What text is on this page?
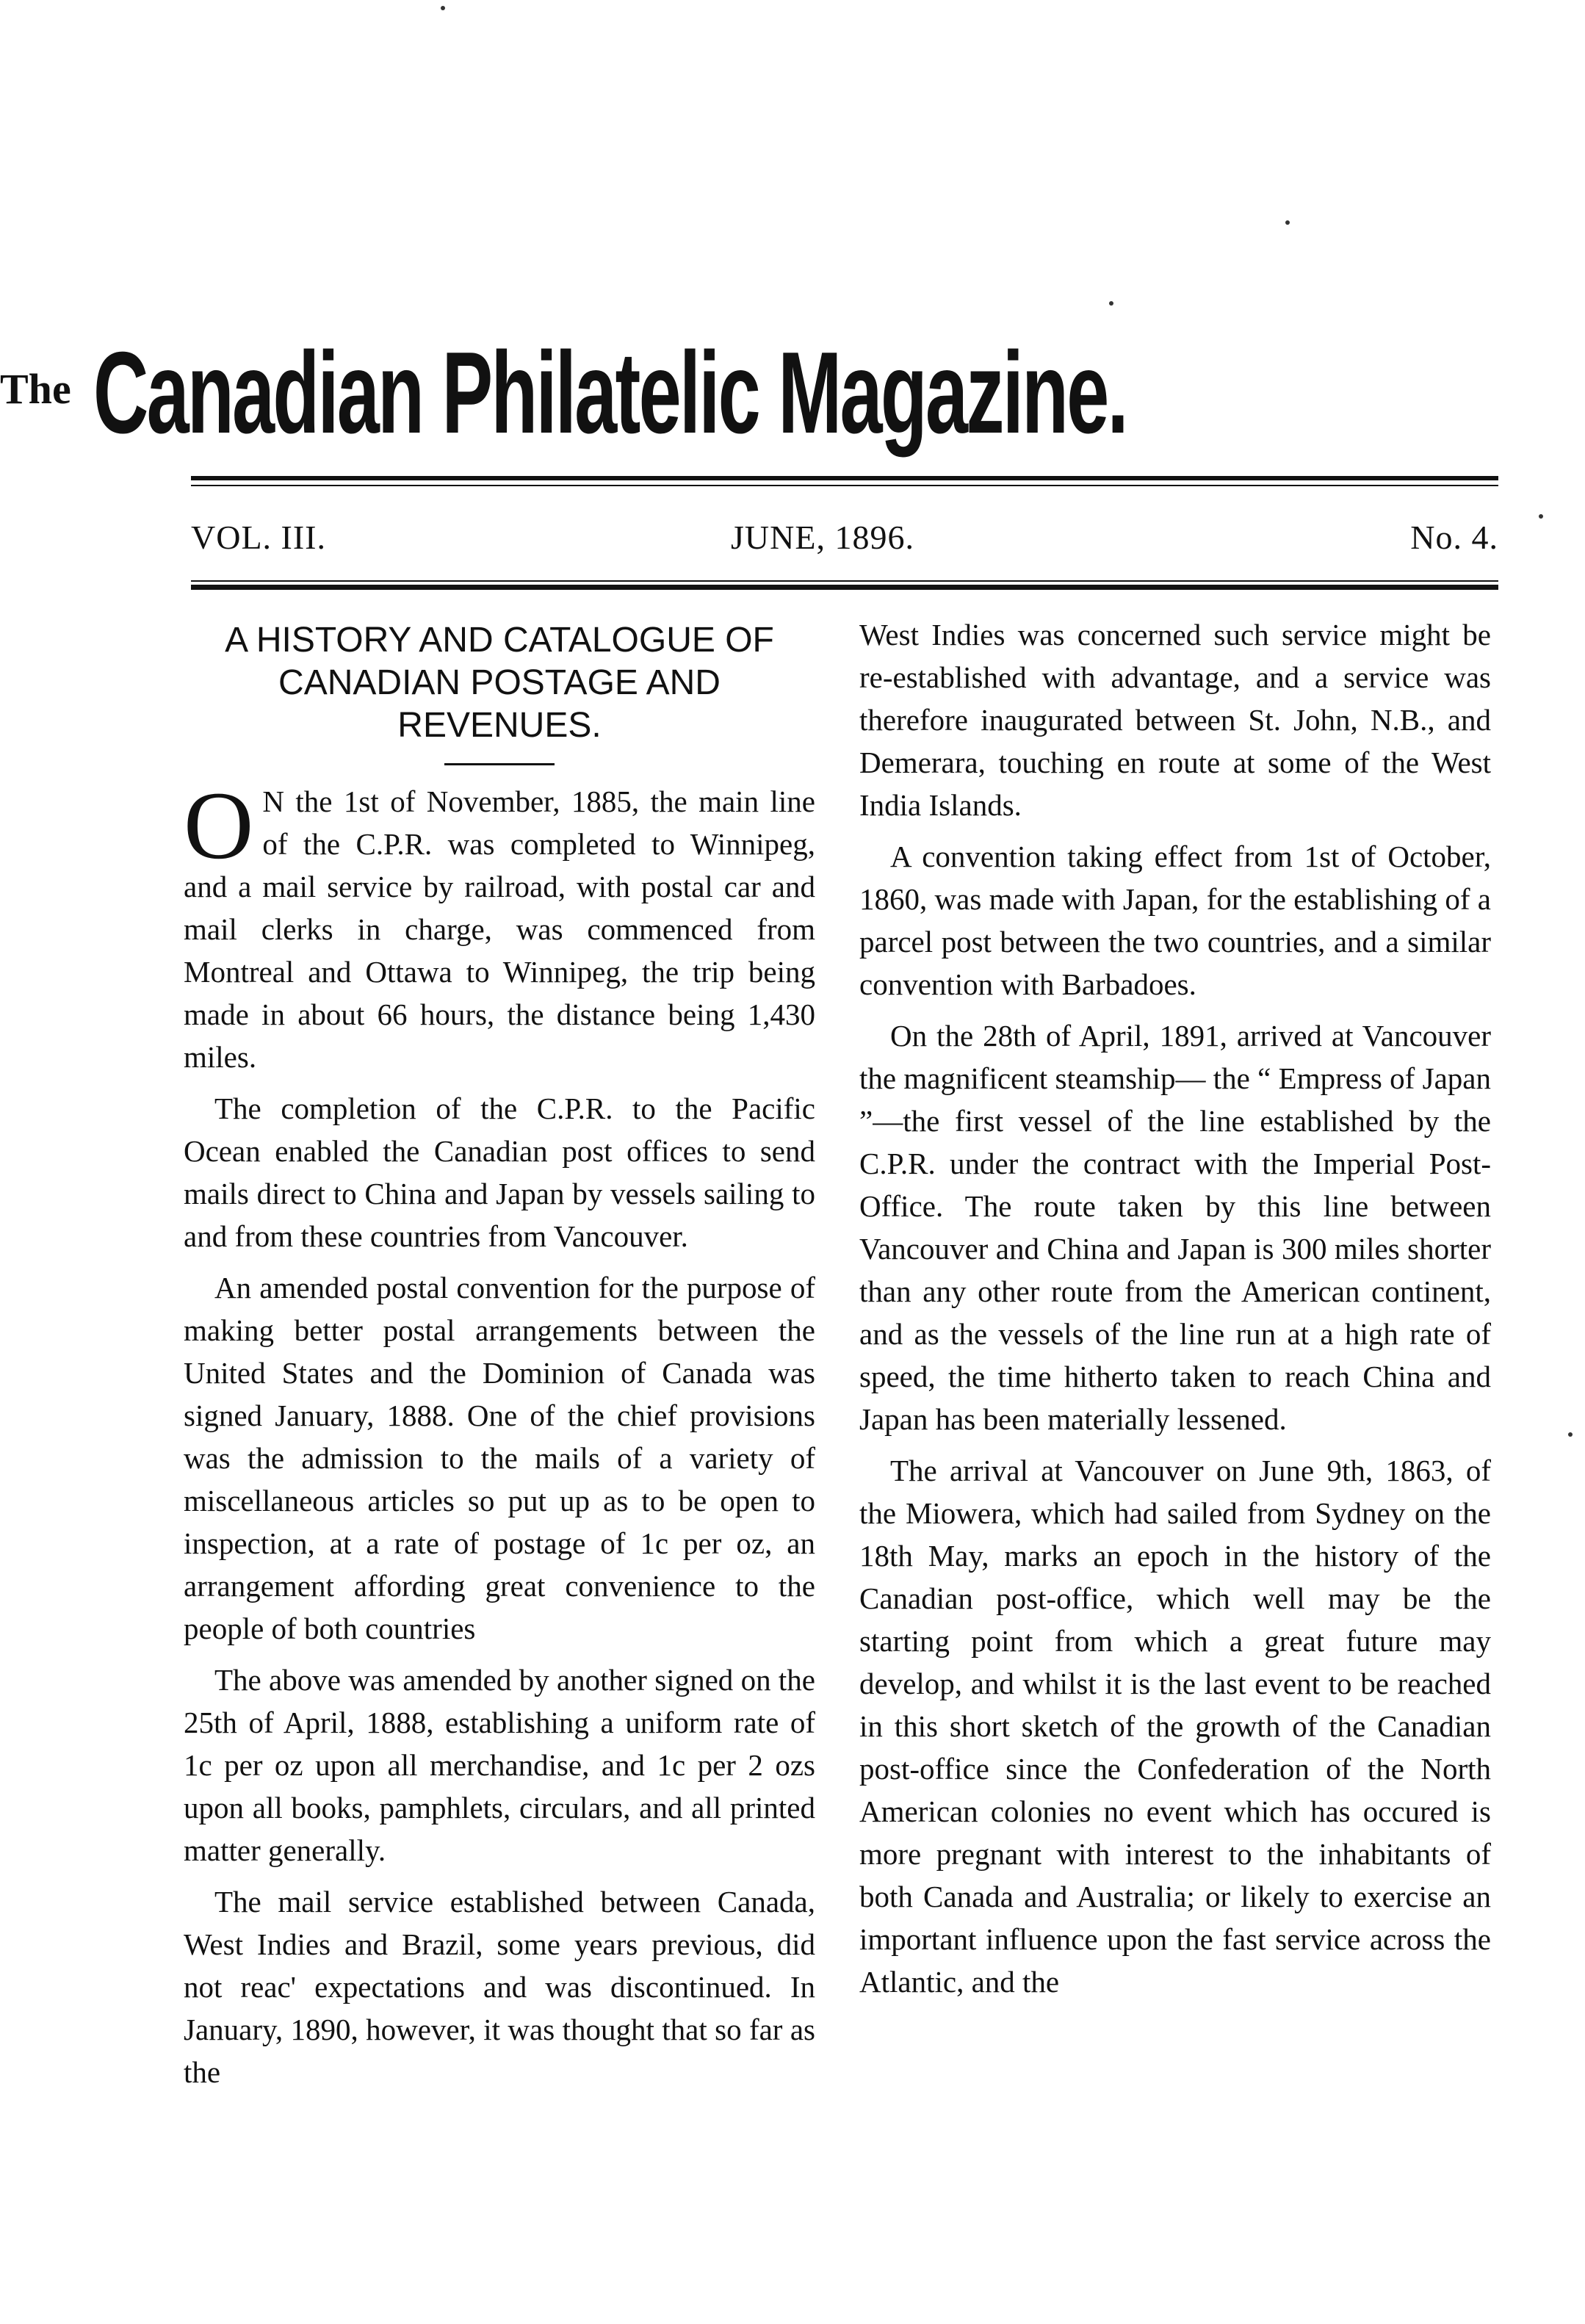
The Canadian Philatelic Magazine.
VOL. III.	JUNE, 1896.	No. 4.
A HISTORY AND CATALOGUE OF CANADIAN POSTAGE AND REVENUES.

O N the 1st of November, 1885, the main line of the C.P.R. was completed to Winnipeg, and a mail service by railroad, with postal car and mail clerks in charge, was commenced from Montreal and Ottawa to Winnipeg, the trip being made in about 66 hours, the distance being 1,430 miles.

The completion of the C.P.R. to the Pacific Ocean enabled the Canadian post offices to send mails direct to China and Japan by vessels sailing to and from these countries from Vancouver.

An amended postal convention for the purpose of making better postal arrangements between the United States and the Dominion of Canada was signed January, 1888. One of the chief provisions was the admission to the mails of a variety of miscellaneous articles so put up as to be open to inspection, at a rate of postage of 1c per oz, an arrangement affording great convenience to the people of both countries

The above was amended by another signed on the 25th of April, 1888, establishing a uniform rate of 1c per oz upon all merchandise, and 1c per 2 ozs upon all books, pamphlets, circulars, and all printed matter generally.

The mail service established between Canada, West Indies and Brazil, some years previous, did not reac' expectations and was discontinued. In January, 1890, however, it was thought that so far as the

West Indies was concerned such service might be re-established with advantage, and a service was therefore inaugurated between St. John, N.B., and Demerara, touching en route at some of the West India Islands.

A convention taking effect from 1st of October, 1860, was made with Japan, for the establishing of a parcel post between the two countries, and a similar convention with Barbadoes.

On the 28th of April, 1891, arrived at Vancouver the magnificent steamship— the “ Empress of Japan ”—the first vessel of the line established by the C.P.R. under the contract with the Imperial Post-Office. The route taken by this line between Vancouver and China and Japan is 300 miles shorter than any other route from the American continent, and as the vessels of the line run at a high rate of speed, the time hitherto taken to reach China and Japan has been materially lessened.

The arrival at Vancouver on June 9th, 1863, of the Miowera, which had sailed from Sydney on the 18th May, marks an epoch in the history of the Canadian post-office, which well may be the starting point from which a great future may develop, and whilst it is the last event to be reached in this short sketch of the growth of the Canadian post-office since the Confederation of the North American colonies no event which has occured is more pregnant with interest to the inhabitants of both Canada and Australia; or likely to exercise an important influence upon the fast service across the Atlantic, and the
